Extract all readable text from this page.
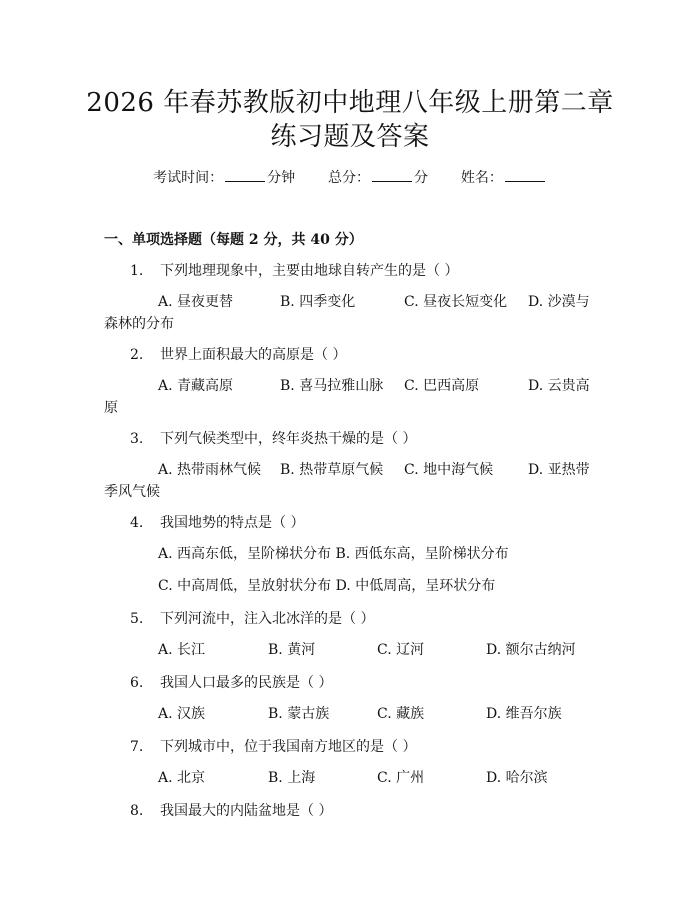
2026 年春苏教版初中地理八年级上册第二章
练习题及答案
考试时间：	分钟 总分：	分 姓名：
一、单项选择题（每题 2 分，共 40 分）
1. 下列地理现象中，主要由地球自转产生的是（ ）
A. 昼夜更替	B. 四季变化	C. 昼夜长短变化 D. 沙漠与
森林的分布
2. 世界上面积最大的高原是（ ）
A. 青藏高原	B. 喜马拉雅山脉 C. 巴西高原	D. 云贵高
原
3. 下列气候类型中，终年炎热干燥的是（ ）
A. 热带雨林气候 B. 热带草原气候 C. 地中海气候 D. 亚热带
季风气候
4. 我国地势的特点是（ ）
A. 西高东低，呈阶梯状分布 B. 西低东高，呈阶梯状分布
C. 中高周低，呈放射状分布 D. 中低周高，呈环状分布
5. 下列河流中，注入北冰洋的是（ ）
A. 长江	B. 黄河	C. 辽河	D. 额尔古纳河
6. 我国人口最多的民族是（ ）
A. 汉族	B. 蒙古族	C. 藏族	D. 维吾尔族
7. 下列城市中，位于我国南方地区的是（ ）
A. 北京	B. 上海	C. 广州	D. 哈尔滨
8. 我国最大的内陆盆地是（ ）
